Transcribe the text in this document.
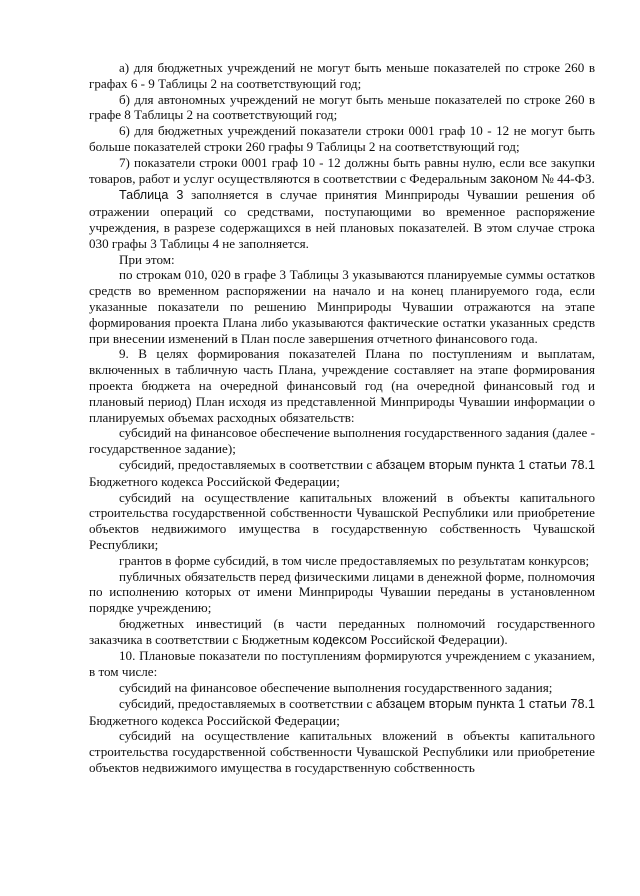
а) для бюджетных учреждений не могут быть меньше показателей по строке 260 в графах 6 - 9 Таблицы 2 на соответствующий год;

б) для автономных учреждений не могут быть меньше показателей по строке 260 в графе 8 Таблицы 2 на соответствующий год;

6) для бюджетных учреждений показатели строки 0001 граф 10 - 12 не могут быть больше показателей строки 260 графы 9 Таблицы 2 на соответствующий год;

7) показатели строки 0001 граф 10 - 12 должны быть равны нулю, если все закупки товаров, работ и услуг осуществляются в соответствии с Федеральным законом № 44-ФЗ.

Таблица 3 заполняется в случае принятия Минприроды Чувашии решения об отражении операций со средствами, поступающими во временное распоряжение учреждения, в разрезе содержащихся в ней плановых показателей. В этом случае строка 030 графы 3 Таблицы 4 не заполняется.

При этом:

по строкам 010, 020 в графе 3 Таблицы 3 указываются планируемые суммы остатков средств во временном распоряжении на начало и на конец планируемого года, если указанные показатели по решению Минприроды Чувашии отражаются на этапе формирования проекта Плана либо указываются фактические остатки указанных средств при внесении изменений в План после завершения отчетного финансового года.

9. В целях формирования показателей Плана по поступлениям и выплатам, включенных в табличную часть Плана, учреждение составляет на этапе формирования проекта бюджета на очередной финансовый год (на очередной финансовый год и плановый период) План исходя из представленной Минприроды Чувашии информации о планируемых объемах расходных обязательств:

субсидий на финансовое обеспечение выполнения государственного задания (далее - государственное задание);

субсидий, предоставляемых в соответствии с абзацем вторым пункта 1 статьи 78.1 Бюджетного кодекса Российской Федерации;

субсидий на осуществление капитальных вложений в объекты капитального строительства государственной собственности Чувашской Республики или приобретение объектов недвижимого имущества в государственную собственность Чувашской Республики;

грантов в форме субсидий, в том числе предоставляемых по результатам конкурсов;

публичных обязательств перед физическими лицами в денежной форме, полномочия по исполнению которых от имени Минприроды Чувашии переданы в установленном порядке учреждению;

бюджетных инвестиций (в части переданных полномочий государственного заказчика в соответствии с Бюджетным кодексом Российской Федерации).

10. Плановые показатели по поступлениям формируются учреждением с указанием, в том числе:

субсидий на финансовое обеспечение выполнения государственного задания;

субсидий, предоставляемых в соответствии с абзацем вторым пункта 1 статьи 78.1 Бюджетного кодекса Российской Федерации;

субсидий на осуществление капитальных вложений в объекты капитального строительства государственной собственности Чувашской Республики или приобретение объектов недвижимого имущества в государственную собственность
